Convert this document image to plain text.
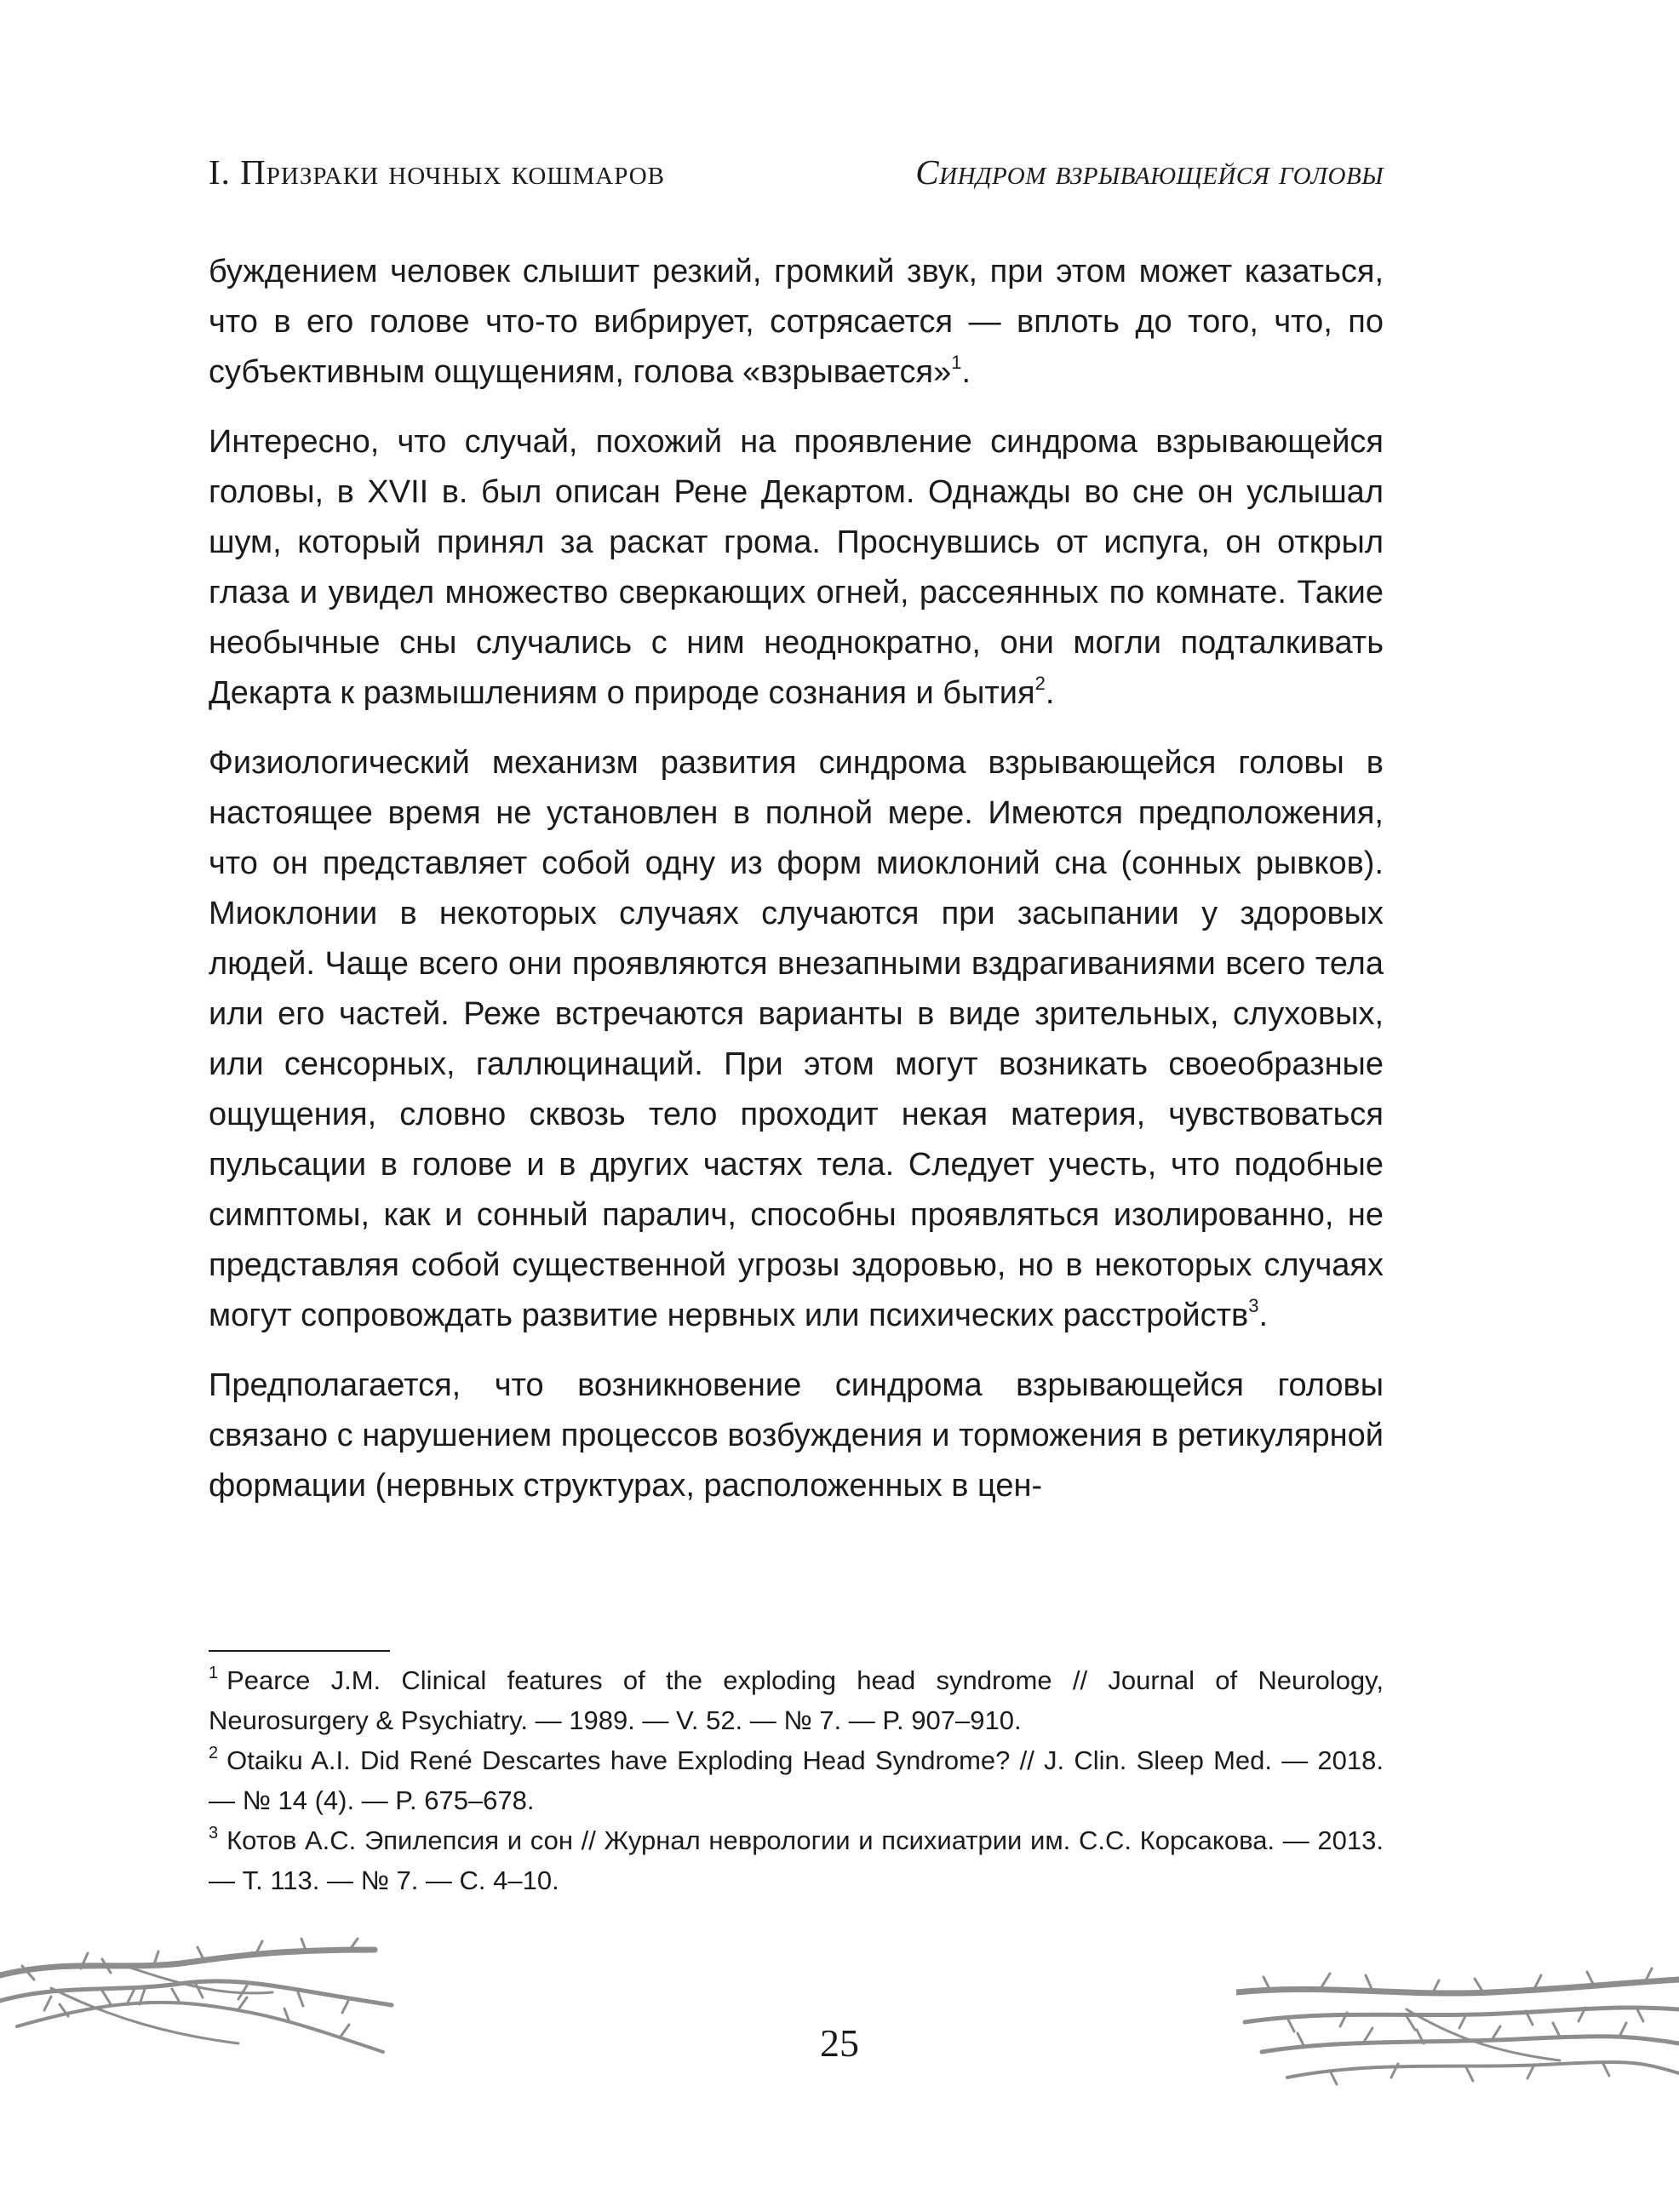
I. Призраки ночных кошмаров	Синдром взрывающейся головы

буждением человек слышит резкий, громкий звук, при этом может казаться, что в его голове что-то вибрирует, сотрясается — вплоть до того, что, по субъективным ощущениям, голова «взрывается»$^1$.

Интересно, что случай, похожий на проявление синдрома взрывающейся головы, в XVII в. был описан Рене Декартом. Однажды во сне он услышал шум, который принял за раскат грома. Проснувшись от испуга, он открыл глаза и увидел множество сверкающих огней, рассеянных по комнате. Такие необычные сны случались с ним неоднократно, они могли подталкивать Декарта к размышлениям о природе сознания и бытия$^2$.

Физиологический механизм развития синдрома взрывающейся головы в настоящее время не установлен в полной мере. Имеются предположения, что он представляет собой одну из форм миоклоний сна (сонных рывков). Миоклонии в некоторых случаях случаются при засыпании у здоровых людей. Чаще всего они проявляются внезапными вздрагиваниями всего тела или его частей. Реже встречаются варианты в виде зрительных, слуховых, или сенсорных, галлюцинаций. При этом могут возникать своеобразные ощущения, словно сквозь тело проходит некая материя, чувствоваться пульсации в голове и в других частях тела. Следует учесть, что подобные симптомы, как и сонный паралич, способны проявляться изолированно, не представляя собой существенной угрозы здоровью, но в некоторых случаях могут сопровождать развитие нервных или психических расстройств$^3$.

Предполагается, что возникновение синдрома взрывающейся головы связано с нарушением процессов возбуждения и торможения в ретикулярной формации (нервных структурах, расположенных в цен-

$^1$ Pearce J.M. Clinical features of the exploding head syndrome // Journal of Neurology, Neurosurgery & Psychiatry. — 1989. — V. 52. — № 7. — P. 907–910.
$^2$ Otaiku A.I. Did René Descartes have Exploding Head Syndrome? // J. Clin. Sleep Med. — 2018. — № 14 (4). — P. 675–678.
$^3$ Котов А.С. Эпилепсия и сон // Журнал неврологии и психиатрии им. С.С. Корсакова. — 2013. — Т. 113. — № 7. — С. 4–10.
25
